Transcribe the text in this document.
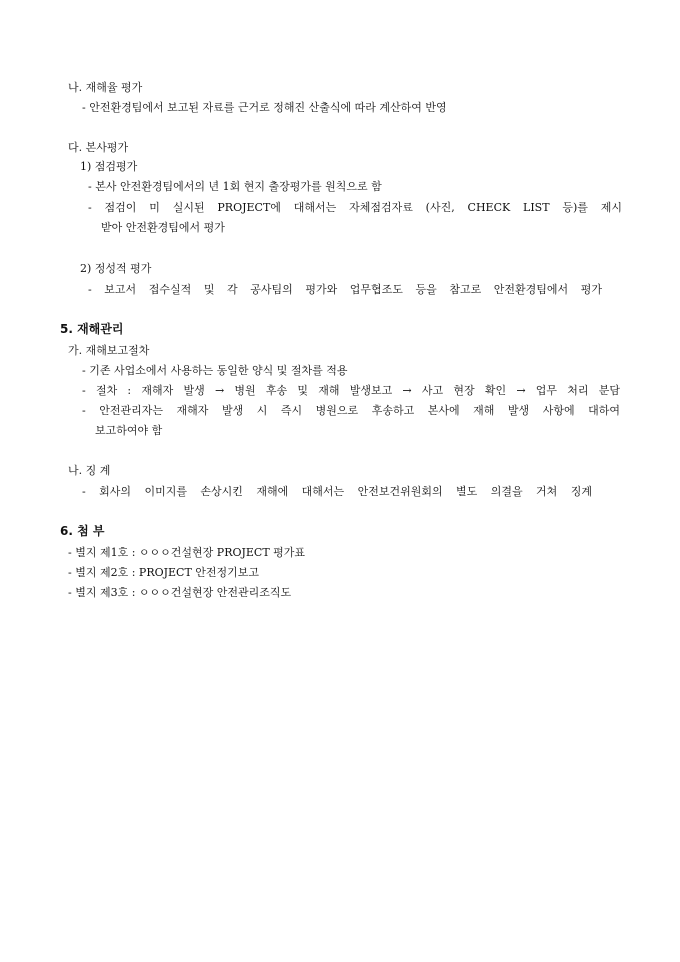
나. 재해율 평가
- 안전환경팀에서 보고된 자료를 근거로 정해진 산출식에 따라 계산하여 반영
다. 본사평가
1) 점검평가
- 본사 안전환경팀에서의 년 1회 현지 출장평가를 원칙으로 함
- 점검이 미 실시된 PROJECT에 대해서는 자체점검자료 (사진, CHECK LIST 등)를 제시
받아 안전환경팀에서 평가
2) 정성적 평가
- 보고서 접수실적 및 각 공사팀의 평가와 업무협조도 등을 참고로 안전환경팀에서 평가
5. 재해관리
가. 재해보고절차
- 기존 사업소에서 사용하는 동일한 양식 및 절차를 적용
- 절차 : 재해자 발생 → 병원 후송 및 재해 발생보고 → 사고 현장 확인 → 업무 처리 분담
- 안전관리자는 재해자 발생 시 즉시 병원으로 후송하고 본사에 재해 발생 사항에 대하여
보고하여야 함
나. 징 계
- 회사의 이미지를 손상시킨 재해에 대해서는 안전보건위원회의 별도 의결을 거쳐 징계
6. 첨 부
- 별지 제1호 : ㅇㅇㅇ건설현장 PROJECT 평가표
- 별지 제2호 : PROJECT 안전정기보고
- 별지 제3호 : ㅇㅇㅇ건설현장 안전관리조직도
